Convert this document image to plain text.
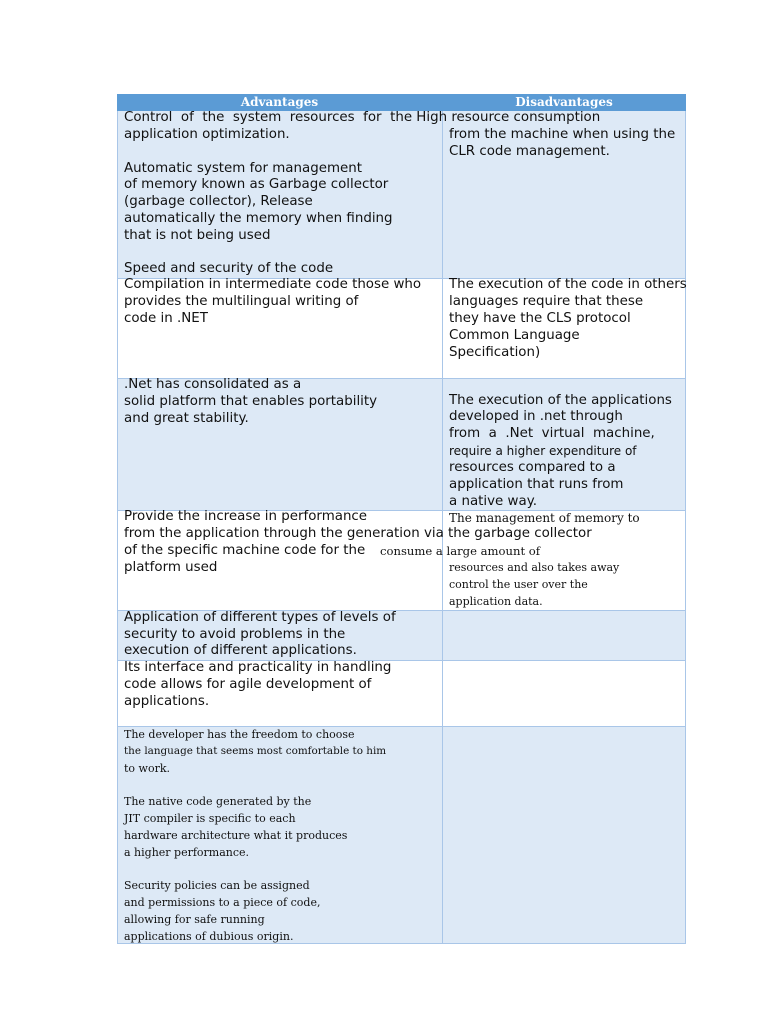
Advantages	Disadvantages
Control  of  the  system  resources  for  the High resource consumption
application optimization.
Automatic system for management
of memory known as Garbage collector
(garbage collector), Release
automatically the memory when finding
that is not being used
Speed and security of the code
from the machine when using the
CLR code management.
Compilation in intermediate code those who
provides the multilingual writing of
code in .NET
The execution of the code in others
languages require that these
they have the CLS protocol
Common Language
Specification)
.Net has consolidated as a
solid platform that enables portability
and great stability.
The execution of the applications
developed in .net through
from  a  .Net  virtual  machine,
require a higher expenditure of
resources compared to a
application that runs from
a native way.
Provide the increase in performance
from the application through the generation via the garbage collector
of the specific machine code for the consume a large amount of
platform used
The management of memory to
resources and also takes away
control the user over the
application data.
Application of different types of levels of
security to avoid problems in the
execution of different applications.
Its interface and practicality in handling
code allows for agile development of
applications.
The developer has the freedom to choose
the language that seems most comfortable to him
to work.
The native code generated by the
JIT compiler is specific to each
hardware architecture what it produces
a higher performance.
Security policies can be assigned
and permissions to a piece of code,
allowing for safe running
applications of dubious origin.
